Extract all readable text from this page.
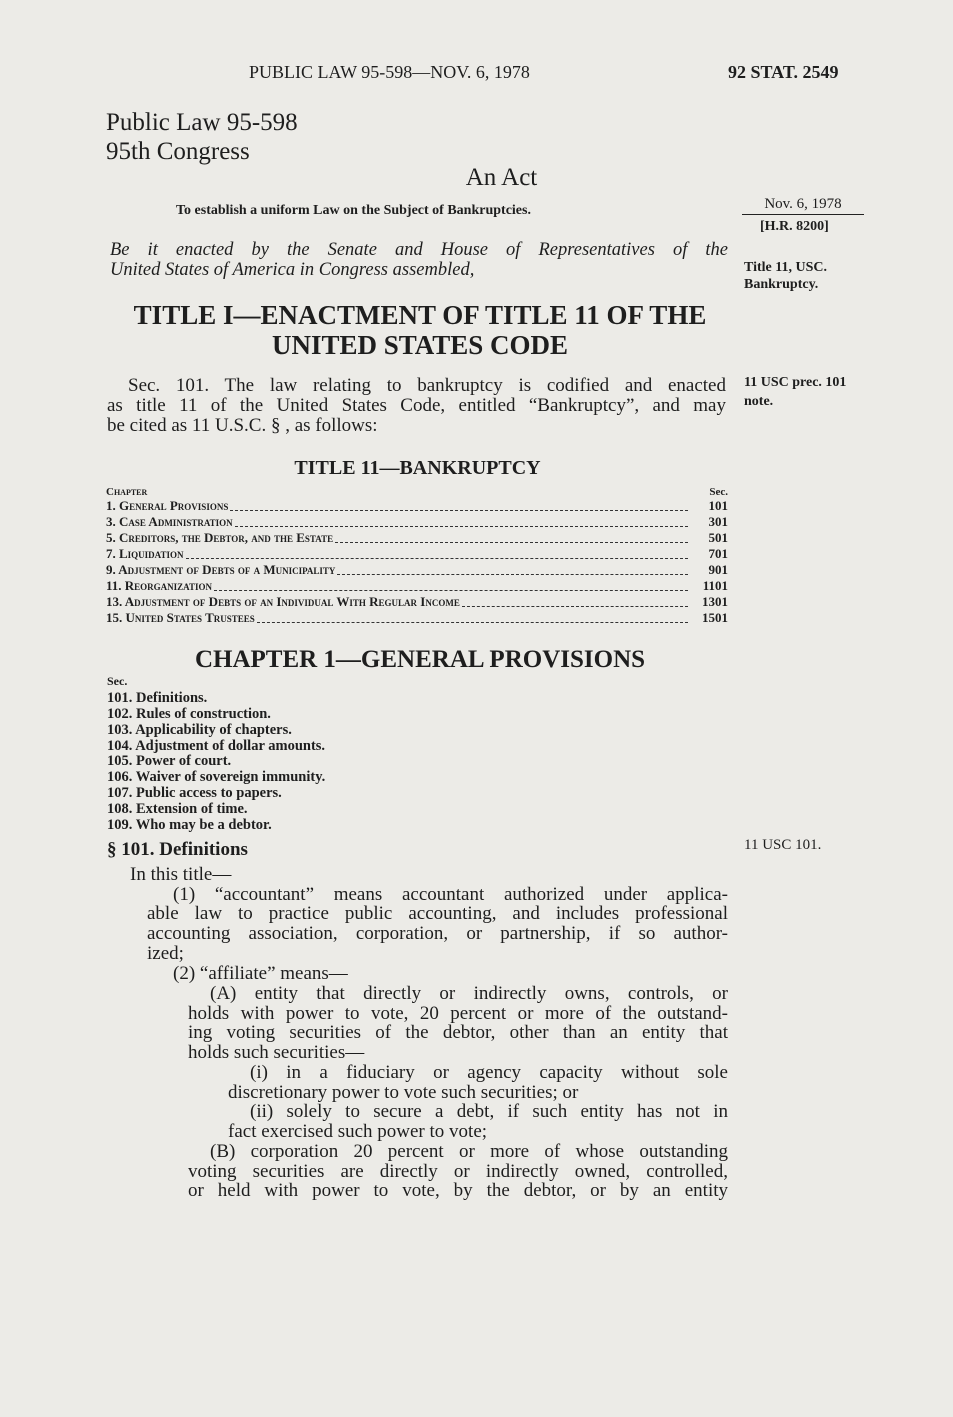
PUBLIC LAW 95-598—NOV. 6, 1978	92 STAT. 2549
Public Law 95-598
95th Congress
An Act
To establish a uniform Law on the Subject of Bankruptcies.	Nov. 6, 1978
[H.R. 8200]
Title 11, USC.
Bankruptcy.
11 USC prec. 101
note.
11 USC 101.
Be it enacted by the Senate and House of Representatives of the
United States of America in Congress assembled,
TITLE I—ENACTMENT OF TITLE 11 OF THE
UNITED STATES CODE
Sec. 101. The law relating to bankruptcy is codified and enacted
as title 11 of the United States Code, entitled “Bankruptcy”, and may
be cited as 11 U.S.C. § , as follows:
TITLE 11—BANKRUPTCY
Chapter	Sec.
1. General Provisions	101
3. Case Administration	301
5. Creditors, the Debtor, and the Estate	501
7. Liquidation	701
9. Adjustment of Debts of a Municipality	901
11. Reorganization	1101
13. Adjustment of Debts of an Individual With Regular Income	1301
15. United States Trustees	1501
CHAPTER 1—GENERAL PROVISIONS
Sec.
101. Definitions.
102. Rules of construction.
103. Applicability of chapters.
104. Adjustment of dollar amounts.
105. Power of court.
106. Waiver of sovereign immunity.
107. Public access to papers.
108. Extension of time.
109. Who may be a debtor.
§ 101. Definitions
In this title—
(1) “accountant” means accountant authorized under applica-
able law to practice public accounting, and includes professional
accounting association, corporation, or partnership, if so author-
ized;
(2) “affiliate” means—
(A) entity that directly or indirectly owns, controls, or
holds with power to vote, 20 percent or more of the outstand-
ing voting securities of the debtor, other than an entity that
holds such securities—
(i) in a fiduciary or agency capacity without sole
discretionary power to vote such securities; or
(ii) solely to secure a debt, if such entity has not in
fact exercised such power to vote;
(B) corporation 20 percent or more of whose outstanding
voting securities are directly or indirectly owned, controlled,
or held with power to vote, by the debtor, or by an entity
